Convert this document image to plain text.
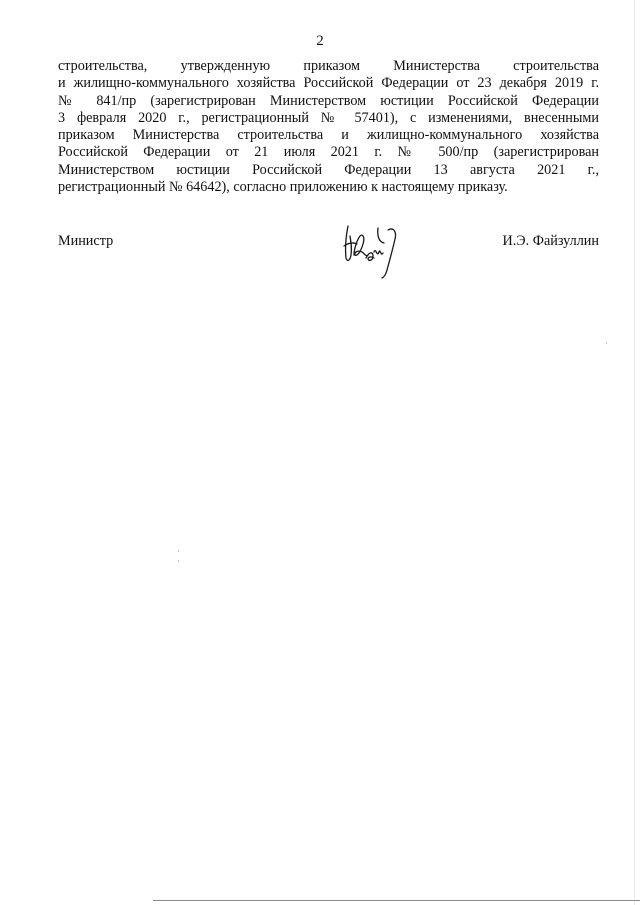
2
строительства, утвержденную приказом Министерства строительства
и жилищно-коммунального хозяйства Российской Федерации от 23 декабря 2019 г.
№ 841/пр (зарегистрирован Министерством юстиции Российской Федерации
3 февраля 2020 г., регистрационный № 57401), с изменениями, внесенными
приказом Министерства строительства и жилищно-коммунального хозяйства
Российской Федерации от 21 июля 2021 г. № 500/пр (зарегистрирован
Министерством юстиции Российской Федерации 13 августа 2021 г.,
регистрационный № 64642), согласно приложению к настоящему приказу.
Министр	И.Э. Файзуллин
